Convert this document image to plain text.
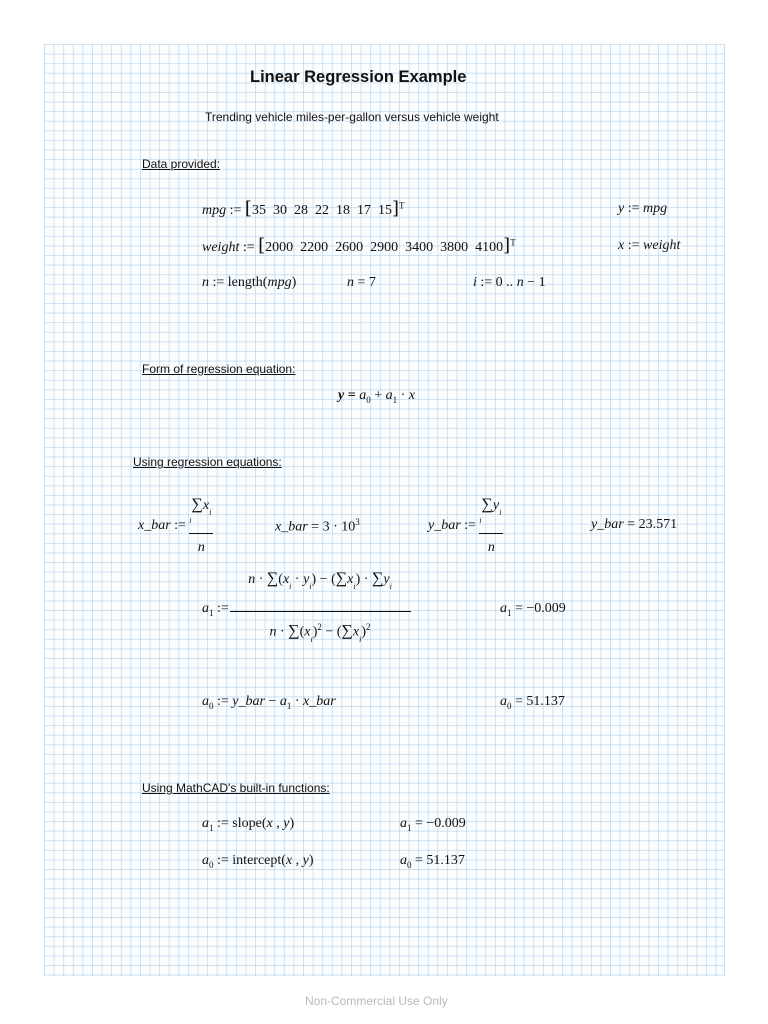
Linear Regression Example
Trending vehicle miles-per-gallon versus vehicle weight
Data provided:
mpg := [35  30  28  22  18  17  15]$^T$	y := mpg
weight := [2000  2200  2600  2900  3400  3800  4100]$^T$	x := weight
n := length(mpg)	n = 7	i := 0 .. n − 1
Form of regression equation:
$y = a_0 + a_1 \cdot x$
Using regression equations:
x_bar :=
$\sum x_i$
i
n
x_bar = $3 \cdot 10^3$	y_bar :=
$\sum y_i$
i
n
y_bar = 23.571
$a_1$ :=
$n \cdot \sum(x_i \cdot y_i) - (\sum x_i) \cdot \sum y_i$
$n \cdot \sum(x_i)^2 - (\sum x_i)^2$
$a_1 = -0.009$
$a_0$ := y_bar − $a_1$ · x_bar	$a_0 = 51.137$
Using MathCAD's built-in functions:
$a_1$ := slope(x , y)	$a_1 = -0.009$
$a_0$ := intercept(x , y)	$a_0 = 51.137$
Non-Commercial Use Only
